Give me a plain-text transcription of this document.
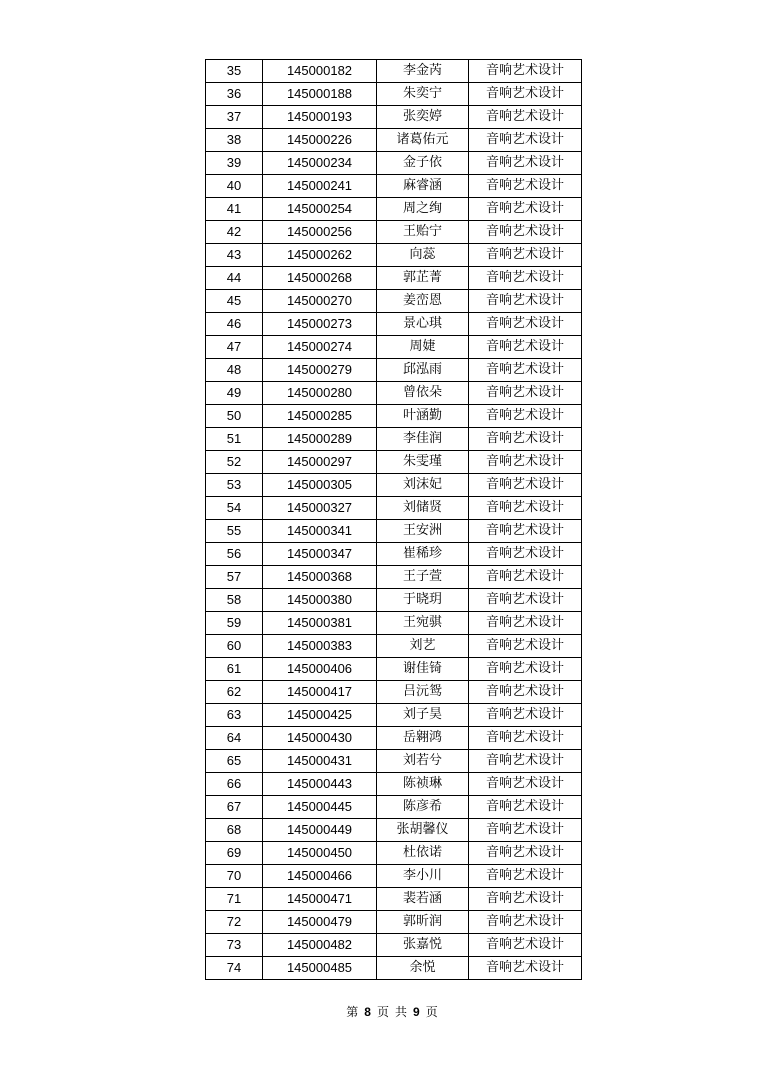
35	145000182	李金芮	音响艺术设计
36	145000188	朱奕宁	音响艺术设计
37	145000193	张奕婷	音响艺术设计
38	145000226	诸葛佑元	音响艺术设计
39	145000234	金子依	音响艺术设计
40	145000241	麻睿涵	音响艺术设计
41	145000254	周之绚	音响艺术设计
42	145000256	王贻宁	音响艺术设计
43	145000262	向蕊	音响艺术设计
44	145000268	郭芷菁	音响艺术设计
45	145000270	姜峦恩	音响艺术设计
46	145000273	景心琪	音响艺术设计
47	145000274	周婕	音响艺术设计
48	145000279	邱泓雨	音响艺术设计
49	145000280	曾依朵	音响艺术设计
50	145000285	叶涵勤	音响艺术设计
51	145000289	李佳润	音响艺术设计
52	145000297	朱雯瑾	音响艺术设计
53	145000305	刘沫妃	音响艺术设计
54	145000327	刘储贤	音响艺术设计
55	145000341	王安洲	音响艺术设计
56	145000347	崔稀珍	音响艺术设计
57	145000368	王子萱	音响艺术设计
58	145000380	于晓玥	音响艺术设计
59	145000381	王宛骐	音响艺术设计
60	145000383	刘艺	音响艺术设计
61	145000406	谢佳锜	音响艺术设计
62	145000417	吕沅鸳	音响艺术设计
63	145000425	刘子昊	音响艺术设计
64	145000430	岳翱鸿	音响艺术设计
65	145000431	刘若兮	音响艺术设计
66	145000443	陈祯琳	音响艺术设计
67	145000445	陈彦希	音响艺术设计
68	145000449	张胡馨仪	音响艺术设计
69	145000450	杜依诺	音响艺术设计
70	145000466	李小川	音响艺术设计
71	145000471	裴若涵	音响艺术设计
72	145000479	郭昕润	音响艺术设计
73	145000482	张嘉悦	音响艺术设计
74	145000485	余悦	音响艺术设计
第 8 页 共 9 页
